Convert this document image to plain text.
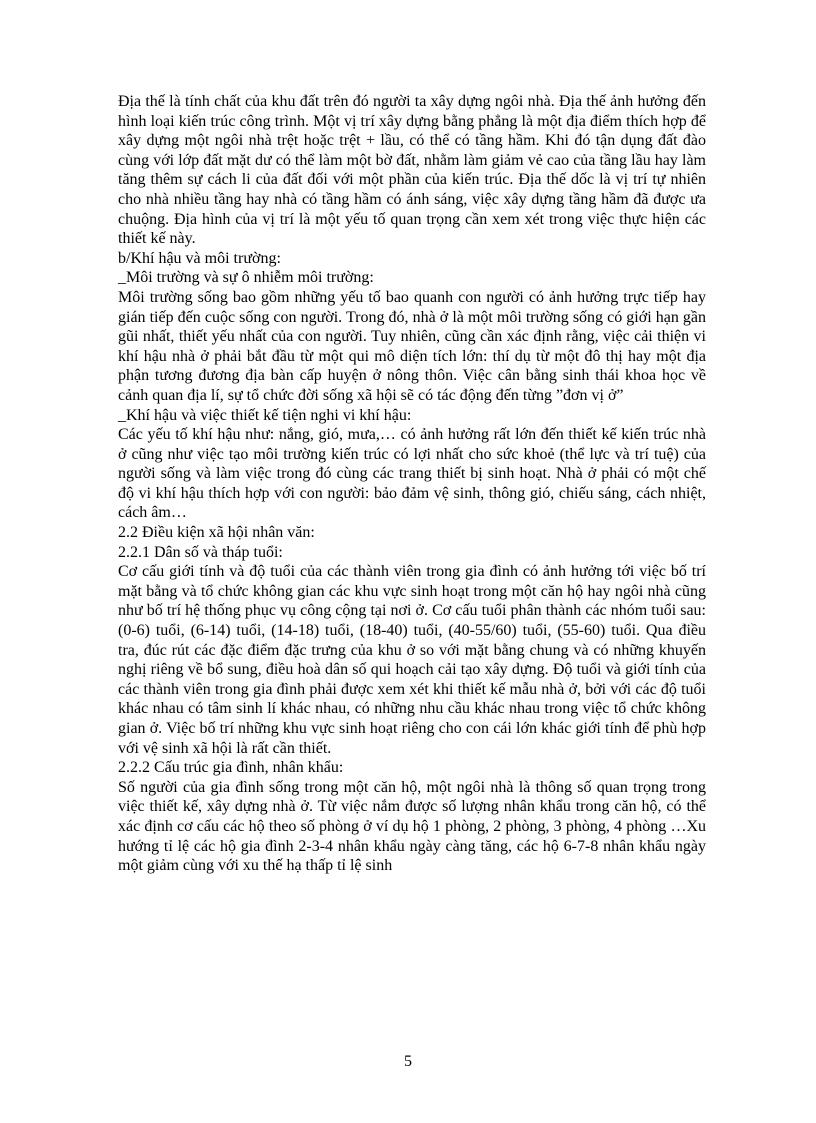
Địa thế là tính chất của khu đất trên đó người ta xây dựng ngôi nhà. Địa thế ảnh hưởng đến hình loại kiến trúc công trình. Một vị trí xây dựng bằng phẳng là một địa điểm thích hợp để xây dựng một ngôi nhà trệt hoặc trệt + lầu, có thể có tầng hầm. Khi đó tận dụng đất đào cùng với lớp đất mặt dư có thể làm một bờ đất, nhằm làm giảm vẻ cao của tầng lầu hay làm tăng thêm sự cách li của đất đối với một phần của kiến trúc. Địa thế dốc là vị trí tự nhiên cho nhà nhiều tầng hay nhà có tầng hầm có ánh sáng, việc xây dựng tầng hầm đã được ưa chuộng. Địa hình của vị trí là một yếu tố quan trọng cần xem xét trong việc thực hiện các thiết kế này.

b/Khí hậu và môi trường:

_Môi trường và sự ô nhiễm môi trường:

Môi trường sống bao gồm những yếu tố bao quanh con người có ảnh hưởng trực tiếp hay gián tiếp đến cuộc sống con người. Trong đó, nhà ở là một môi trường sống có giới hạn gần gũi nhất, thiết yếu nhất của con người. Tuy nhiên, cũng cần xác định rằng, việc cải thiện vi khí hậu nhà ở phải bắt đầu từ một qui mô diện tích lớn: thí dụ từ một đô thị hay một địa phận tương đương địa bàn cấp huyện ở nông thôn. Việc cân bằng sinh thái khoa học về cảnh quan địa lí, sự tổ chức đời sống xã hội sẽ có tác động đến từng ”đơn vị ở”

_Khí hậu và việc thiết kế tiện nghi vi khí hậu:

Các yếu tố khí hậu như: nắng, gió, mưa,… có ảnh hưởng rất lớn đến thiết kế kiến trúc nhà ở cũng như việc tạo môi trường kiến trúc có lợi nhất cho sức khoẻ (thể lực và trí tuệ) của người sống và làm việc trong đó cùng các trang thiết bị sinh hoạt. Nhà ở phải có một chế độ vi khí hậu thích hợp với con người: bảo đảm vệ sinh, thông gió, chiếu sáng, cách nhiệt, cách âm…

2.2 Điều kiện xã hội nhân văn:

2.2.1 Dân số và tháp tuổi:

Cơ cấu giới tính và độ tuổi của các thành viên trong gia đình có ảnh hưởng tới việc bố trí mặt bằng và tổ chức không gian các khu vực sinh hoạt trong một căn hộ hay ngôi nhà cũng như bố trí hệ thống phục vụ công cộng tại nơi ở. Cơ cấu tuổi phân thành các nhóm tuổi sau: (0-6) tuổi, (6-14) tuổi, (14-18) tuổi, (18-40) tuổi, (40-55/60) tuổi, (55-60) tuổi. Qua điều tra, đúc rút các đặc điểm đặc trưng của khu ở so với mặt bằng chung và có những khuyến nghị riêng về bổ sung, điều hoà dân số qui hoạch cải tạo xây dựng. Độ tuổi và giới tính của các thành viên trong gia đình phải được xem xét khi thiết kế mẫu nhà ở, bởi với các độ tuổi khác nhau có tâm sinh lí khác nhau, có những nhu cầu khác nhau trong việc tổ chức không gian ở. Việc bố trí những khu vực sinh hoạt riêng cho con cái lớn khác giới tính để phù hợp với vệ sinh xã hội là rất cần thiết.

2.2.2 Cấu trúc gia đình, nhân khẩu:

Số người của gia đình sống trong một căn hộ, một ngôi nhà là thông số quan trọng trong việc thiết kế, xây dựng nhà ở. Từ việc nắm được số lượng nhân khẩu trong căn hộ, có thể xác định cơ cấu các hộ theo số phòng ở ví dụ hộ 1 phòng, 2 phòng, 3 phòng, 4 phòng …Xu hướng tỉ lệ các hộ gia đình 2-3-4 nhân khẩu ngày càng tăng, các hộ 6-7-8 nhân khẩu ngày một giảm cùng với xu thế hạ thấp tỉ lệ sinh

5
